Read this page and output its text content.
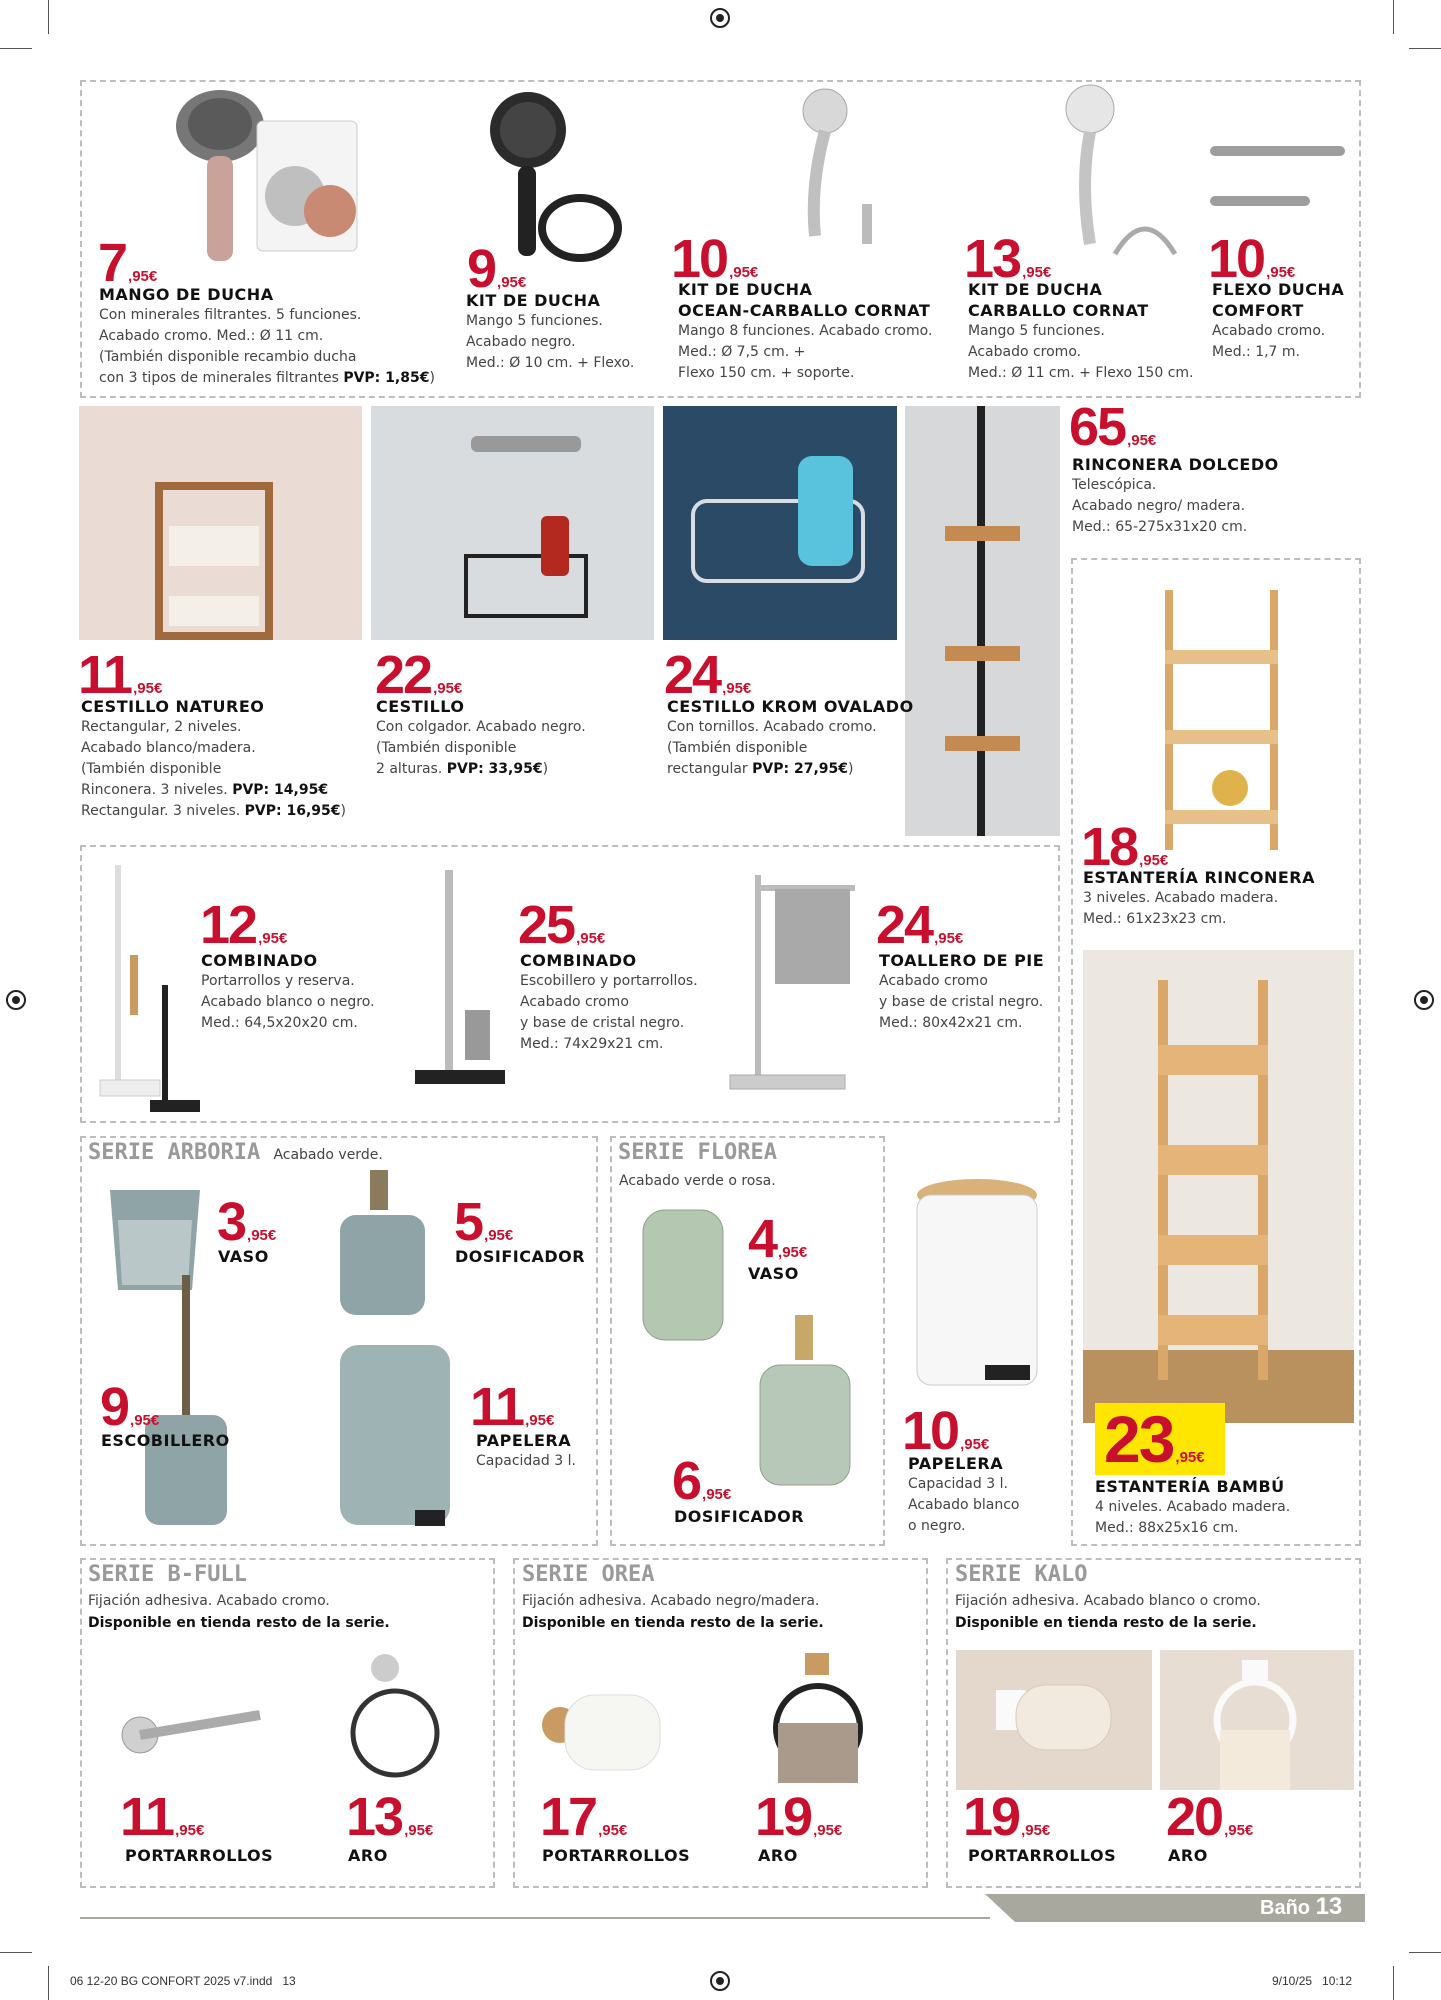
7 ,95€
MANGO DE DUCHA
Con minerales filtrantes. 5 funciones.
Acabado cromo. Med.: Ø 11 cm.
(También disponible recambio ducha
con 3 tipos de minerales filtrantes PVP: 1,85€)
9 ,95€
KIT DE DUCHA
Mango 5 funciones.
Acabado negro.
Med.: Ø 10 cm. + Flexo.
10 ,95€
KIT DE DUCHA
OCEAN-CARBALLO CORNAT
Mango 8 funciones. Acabado cromo.
Med.: Ø 7,5 cm. +
Flexo 150 cm. + soporte.
13 ,95€
KIT DE DUCHA
CARBALLO CORNAT
Mango 5 funciones.
Acabado cromo.
Med.: Ø 11 cm. + Flexo 150 cm.
10 ,95€
FLEXO DUCHA
COMFORT
Acabado cromo.
Med.: 1,7 m.
65 ,95€
RINCONERA DOLCEDO
Telescópica.
Acabado negro/ madera.
Med.: 65-275x31x20 cm.
11 ,95€
CESTILLO NATUREO
Rectangular, 2 niveles.
Acabado blanco/madera.
(También disponible
Rinconera. 3 niveles. PVP: 14,95€
Rectangular. 3 niveles. PVP: 16,95€)
22 ,95€
CESTILLO
Con colgador. Acabado negro.
(También disponible
2 alturas. PVP: 33,95€)
24 ,95€
CESTILLO KROM OVALADO
Con tornillos. Acabado cromo.
(También disponible
rectangular PVP: 27,95€)
18 ,95€
ESTANTERÍA RINCONERA
3 niveles. Acabado madera.
Med.: 61x23x23 cm.
23 ,95€
ESTANTERÍA BAMBÚ
4 niveles. Acabado madera.
Med.: 88x25x16 cm.
12 ,95€
COMBINADO
Portarrollos y reserva.
Acabado blanco o negro.
Med.: 64,5x20x20 cm.
25 ,95€
COMBINADO
Escobillero y portarrollos.
Acabado cromo
y base de cristal negro.
Med.: 74x29x21 cm.
24 ,95€
TOALLERO DE PIE
Acabado cromo
y base de cristal negro.
Med.: 80x42x21 cm.
SERIE ARBORIA Acabado verde.
3 ,95€
VASO
5 ,95€
DOSIFICADOR
9 ,95€
ESCOBILLERO
11 ,95€
PAPELERA
Capacidad 3 l.
SERIE FLOREA
Acabado verde o rosa.
4 ,95€
VASO
6 ,95€
DOSIFICADOR
10 ,95€
PAPELERA
Capacidad 3 l.
Acabado blanco
o negro.
SERIE B-FULL
Fijación adhesiva. Acabado cromo.
Disponible en tienda resto de la serie.
11 ,95€
PORTARROLLOS
13 ,95€
ARO
SERIE OREA
Fijación adhesiva. Acabado negro/madera.
Disponible en tienda resto de la serie.
17 ,95€
PORTARROLLOS
19 ,95€
ARO
SERIE KALO
Fijación adhesiva. Acabado blanco o cromo.
Disponible en tienda resto de la serie.
19 ,95€
PORTARROLLOS
20 ,95€
ARO
Baño 13
06 12-20 BG CONFORT 2025 v7.indd   13	9/10/25   10:12
